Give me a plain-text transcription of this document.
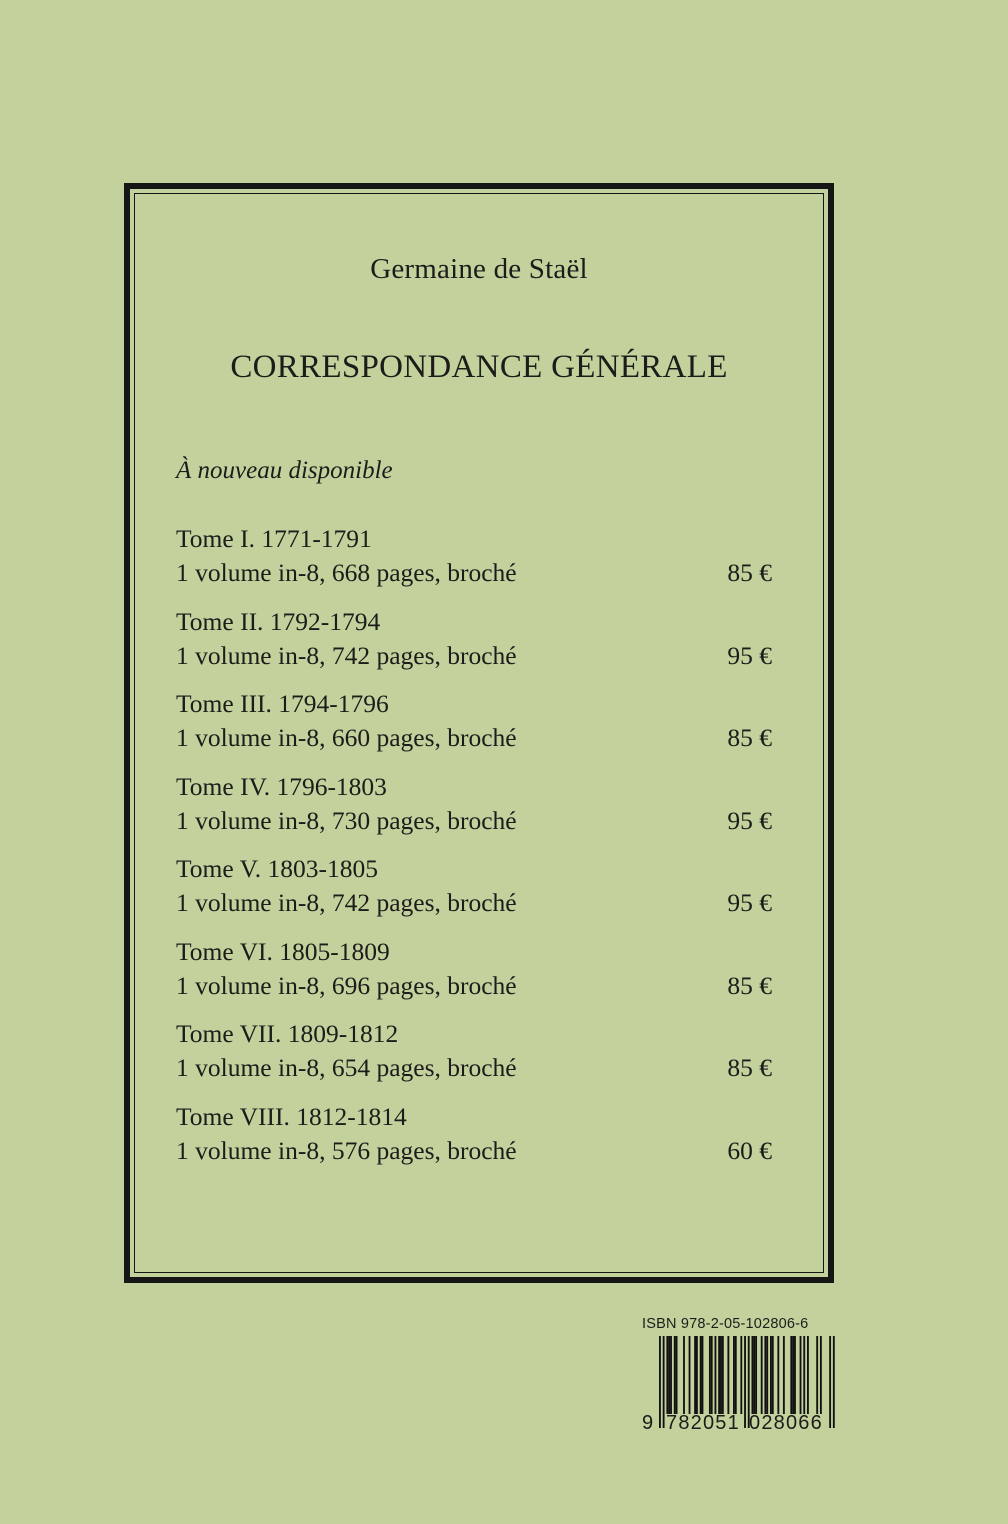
Germaine de Staël
CORRESPONDANCE GÉNÉRALE
À nouveau disponible
Tome I. 1771-1791
1 volume in-8, 668 pages, broché	85 €
Tome II. 1792-1794
1 volume in-8, 742 pages, broché	95 €
Tome III. 1794-1796
1 volume in-8, 660 pages, broché	85 €
Tome IV. 1796-1803
1 volume in-8, 730 pages, broché	95 €
Tome V. 1803-1805
1 volume in-8, 742 pages, broché	95 €
Tome VI. 1805-1809
1 volume in-8, 696 pages, broché	85 €
Tome VII. 1809-1812
1 volume in-8, 654 pages, broché	85 €
Tome VIII. 1812-1814
1 volume in-8, 576 pages, broché	60 €
ISBN 978-2-05-102806-6
9 782051 028066
